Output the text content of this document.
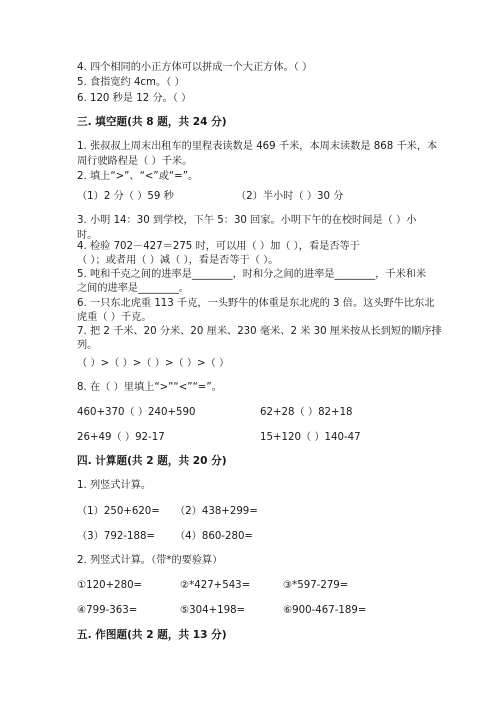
4. 四个相同的小正方体可以拼成一个大正方体。（ ）
5. 食指宽约 4cm。（ ）
6. 120 秒是 12 分。（ ）
三. 填空题(共 8 题，共 24 分)
1. 张叔叔上周末出租车的里程表读数是 469 千米，本周末读数是 868 千米，本
周行驶路程是（ ）千米。
2. 填上“>”、“<”或“=”。
（1）2 分（ ）59 秒	（2）半小时（ ）30 分
3. 小明 14：30 到学校，下午 5：30 回家。小明下午的在校时间是（ ）小
时。
4. 检验 702－427＝275 时，可以用（ ）加（ ），看是否等于
（ ）；或者用（ ）减（ ），看是否等于（ ）。
5. 吨和千克之间的进率是________，时和分之间的进率是________，千米和米
之间的进率是________。
6. 一只东北虎重 113 千克，一头野牛的体重是东北虎的 3 倍。这头野牛比东北
虎重（ ）千克。
7. 把 2 千米、20 分米、20 厘米、230 毫米、2 米 30 厘米按从长到短的顺序排
列。
（ ）>（ ）>（ ）>（ ）>（ ）
8. 在（ ）里填上“>”“<”“=”。
460+370（ ）240+590	62+28（ ）82+18
26+49（ ）92-17	15+120（ ）140-47
四. 计算题(共 2 题，共 20 分)
1. 列竖式计算。
（1）250+620= （2）438+299=
（3）792-188= （4）860-280=
2. 列竖式计算。（带*的要验算）
①120+280=	②*427+543=	③*597-279=
④799-363=	⑤304+198=	⑥900-467-189=
五. 作图题(共 2 题，共 13 分)
